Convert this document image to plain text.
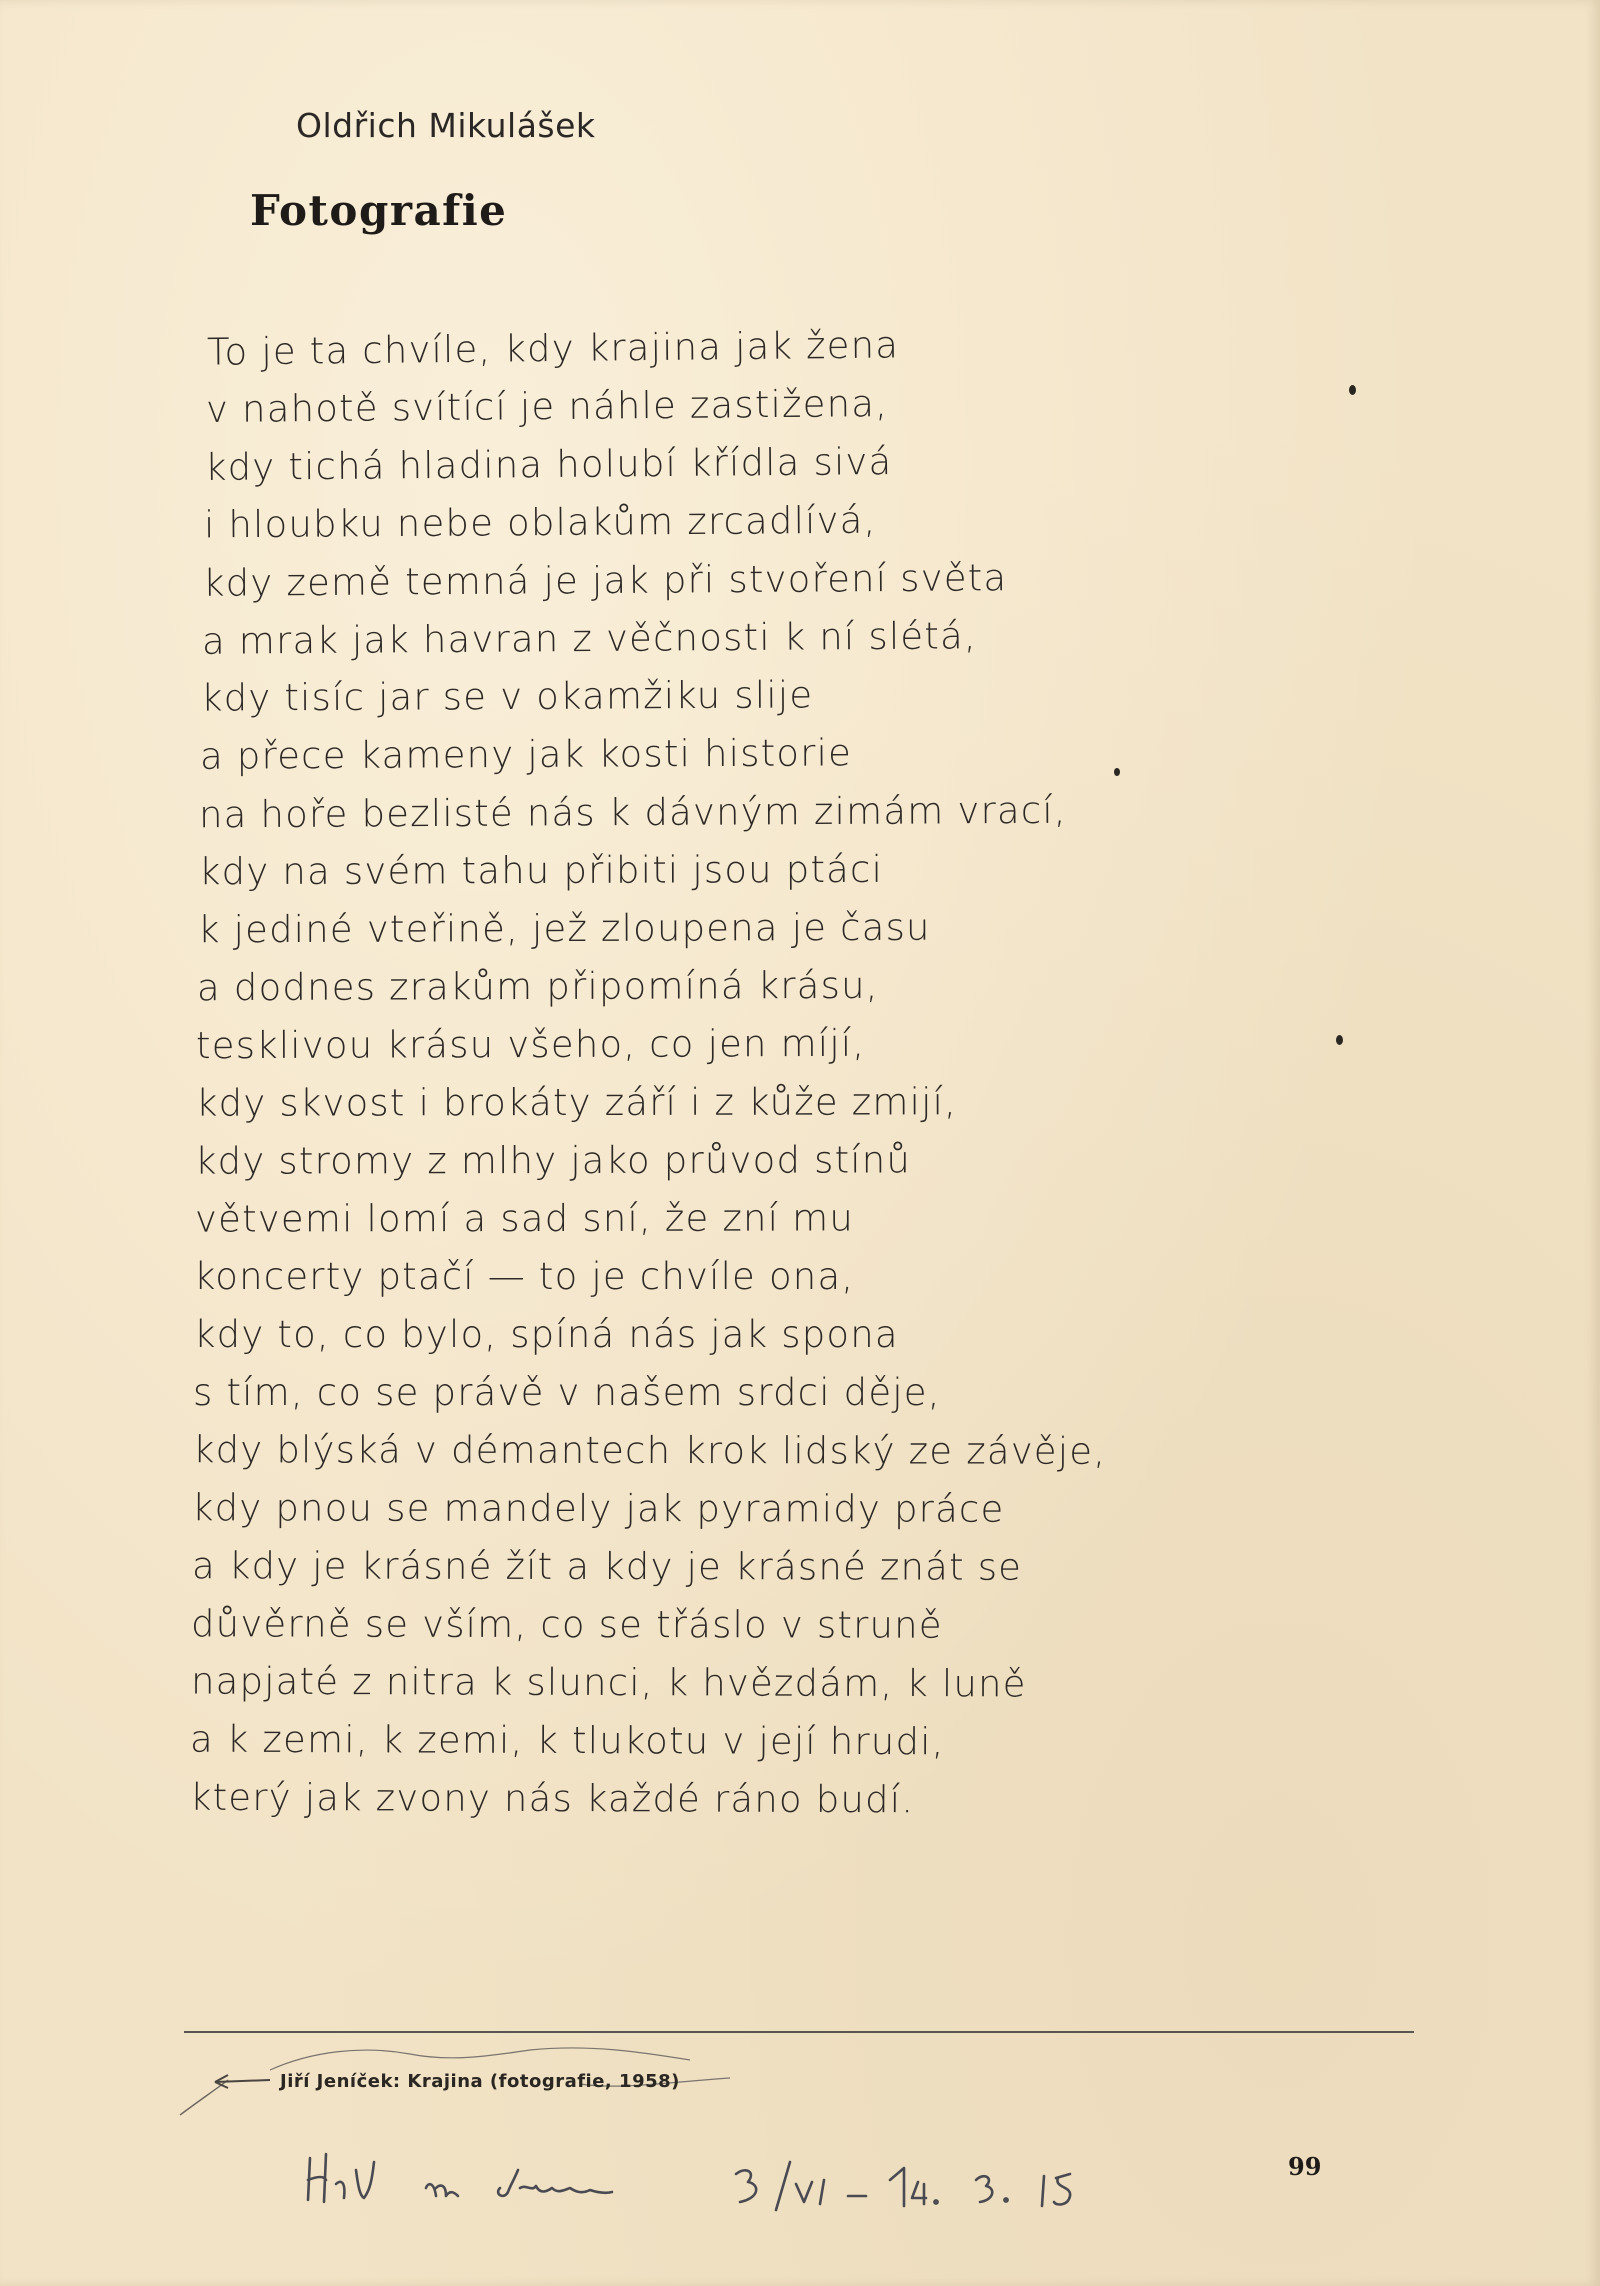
Oldřich Mikulášek

Fotografie
To je ta chvíle, kdy krajina jak žena
v nahotě svítící je náhle zastižena,
kdy tichá hladina holubí křídla sivá
i hloubku nebe oblakům zrcadlívá,
kdy země temná je jak při stvoření světa
a mrak jak havran z věčnosti k ní slétá,
kdy tisíc jar se v okamžiku slije
a přece kameny jak kosti historie
na hoře bezlisté nás k dávným zimám vrací,
kdy na svém tahu přibiti jsou ptáci
k jediné vteřině, jež zloupena je času
a dodnes zrakům připomíná krásu,
tesklivou krásu všeho, co jen míjí,
kdy skvost i brokáty září i z kůže zmijí,
kdy stromy z mlhy jako průvod stínů
větvemi lomí a sad sní, že zní mu
koncerty ptačí — to je chvíle ona,
kdy to, co bylo, spíná nás jak spona
s tím, co se právě v našem srdci děje,
kdy blýská v démantech krok lidský ze závěje,
kdy pnou se mandely jak pyramidy práce
a kdy je krásné žít a kdy je krásné znát se
důvěrně se vším, co se třáslo v struně
napjaté z nitra k slunci, k hvězdám, k luně
a k zemi, k zemi, k tlukotu v její hrudi,
který jak zvony nás každé ráno budí.

Jiří Jeníček: Krajina (fotografie, 1958)

99
